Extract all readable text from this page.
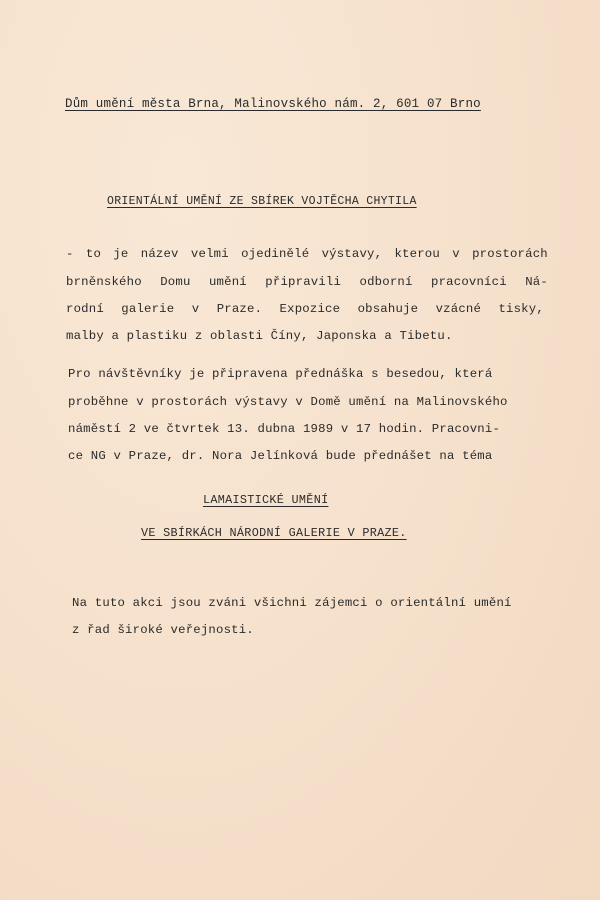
Dům umění města Brna, Malinovského nám. 2, 601 07 Brno
ORIENTÁLNÍ UMĚNÍ ZE SBÍREK VOJTĚCHA CHYTILA
- to je název velmi ojedinělé výstavy, kterou v prostorách
brněnského Domu umění připravili odborní pracovníci Ná-
rodní galerie v Praze. Expozice obsahuje vzácné tisky,
malby a plastiku z oblasti Číny, Japonska a Tibetu.
Pro návštěvníky je připravena přednáška s besedou, která
proběhne v prostorách výstavy v Domě umění na Malinovského
náměstí 2 ve čtvrtek 13. dubna 1989 v 17 hodin. Pracovni-
ce NG v Praze, dr. Nora Jelínková bude přednášet na téma
LAMAISTICKÉ UMĚNÍ
VE SBÍRKÁCH NÁRODNÍ GALERIE V PRAZE.
Na tuto akci jsou zváni všichni zájemci o orientální umění
z řad široké veřejnosti.
